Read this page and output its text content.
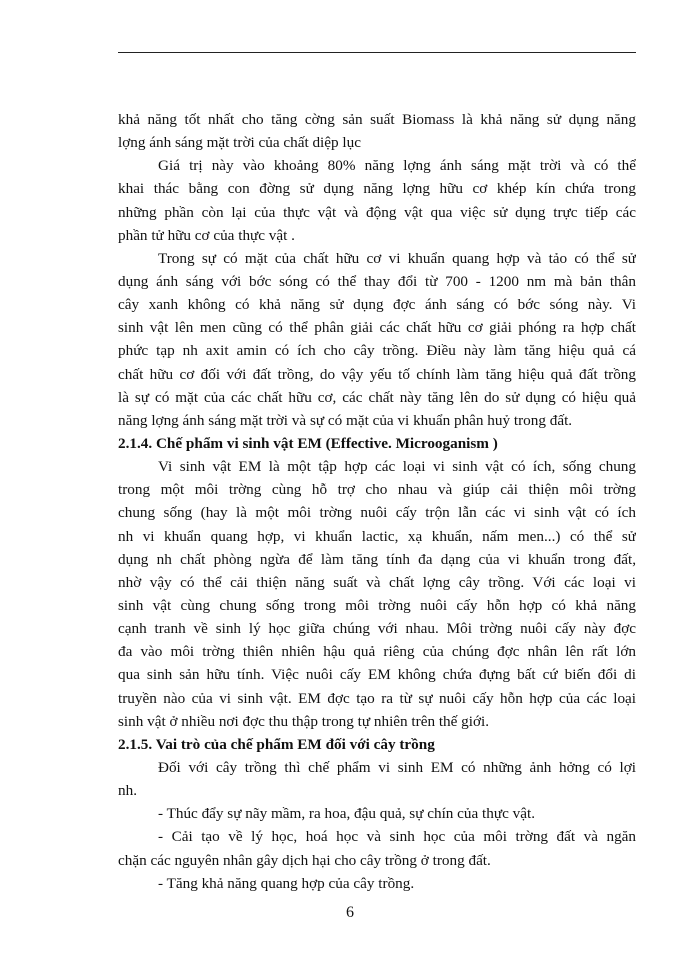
khả năng tốt nhất cho tăng cờng sản suất Biomass là khả năng sử dụng năng
lợng ánh sáng mặt trời của chất diệp lục
Giá trị này vào khoảng 80% năng lợng ánh sáng mặt trời và có thể
khai thác bằng con đờng sử dụng năng lợng hữu cơ khép kín chứa trong
những phần còn lại của thực vật và động vật qua việc sử dụng trực tiếp các
phần tử hữu cơ của thực vật .
Trong sự có mặt của chất hữu cơ vi khuẩn quang hợp và tảo có thể sử
dụng ánh sáng với bớc sóng có thể thay đổi từ 700 - 1200 nm mà bản thân
cây xanh không có khả năng sử dụng đợc ánh sáng có bớc sóng này. Vi
sinh vật lên men cũng có thể phân giải các chất hữu cơ giải phóng ra hợp chất
phức tạp nh axit amin có ích cho cây trồng. Điều này làm tăng hiệu quả cá
chất hữu cơ đối với đất trồng, do vậy yếu tố chính làm tăng hiệu quả đất trồng
là sự có mặt của các chất hữu cơ, các chất này tăng lên do sử dụng có hiệu quả
năng lợng ánh sáng mặt trời và sự có mặt của vi khuẩn phân huỷ trong đất.
2.1.4. Chế phẩm vi sinh vật EM (Effective. Microoganism )
Vi sinh vật EM là một tập hợp các loại vi sinh vật có ích, sống chung
trong một môi trờng cùng hỗ trợ cho nhau và giúp cải thiện môi trờng
chung sống (hay là một môi trờng nuôi cấy trộn lẫn các vi sinh vật có ích
nh vi khuẩn quang hợp, vi khuẩn lactic, xạ khuẩn, nấm men...) có thể sử
dụng nh chất phòng ngừa để làm tăng tính đa dạng của vi khuẩn trong đất,
nhờ vậy có thể cải thiện năng suất và chất lợng cây trồng. Với các loại vi
sinh vật cùng chung sống trong môi trờng nuôi cấy hỗn hợp có khả năng
cạnh tranh về sinh lý học giữa chúng với nhau. Môi trờng nuôi cấy này đợc
đa vào môi trờng thiên nhiên hậu quả riêng của chúng đợc nhân lên rất lớn
qua sinh sản hữu tính. Việc nuôi cấy EM không chứa đựng bất cứ biến đổi di
truyền nào của vi sinh vật. EM đợc tạo ra từ sự nuôi cấy hỗn hợp của các loại
sinh vật ở nhiều nơi đợc thu thập trong tự nhiên trên thế giới.
2.1.5. Vai trò của chế phẩm EM đối với cây trồng
Đối với cây trồng thì chế phẩm vi sinh EM có những ảnh hởng có lợi
nh.
- Thúc đẩy sự nãy mầm, ra hoa, đậu quả, sự chín của thực vật.
- Cải tạo về lý học, hoá học và sinh học của môi trờng đất và ngăn
chặn các nguyên nhân gây dịch hại cho cây trồng ở trong đất.
- Tăng khả năng quang hợp của cây trồng.
6
